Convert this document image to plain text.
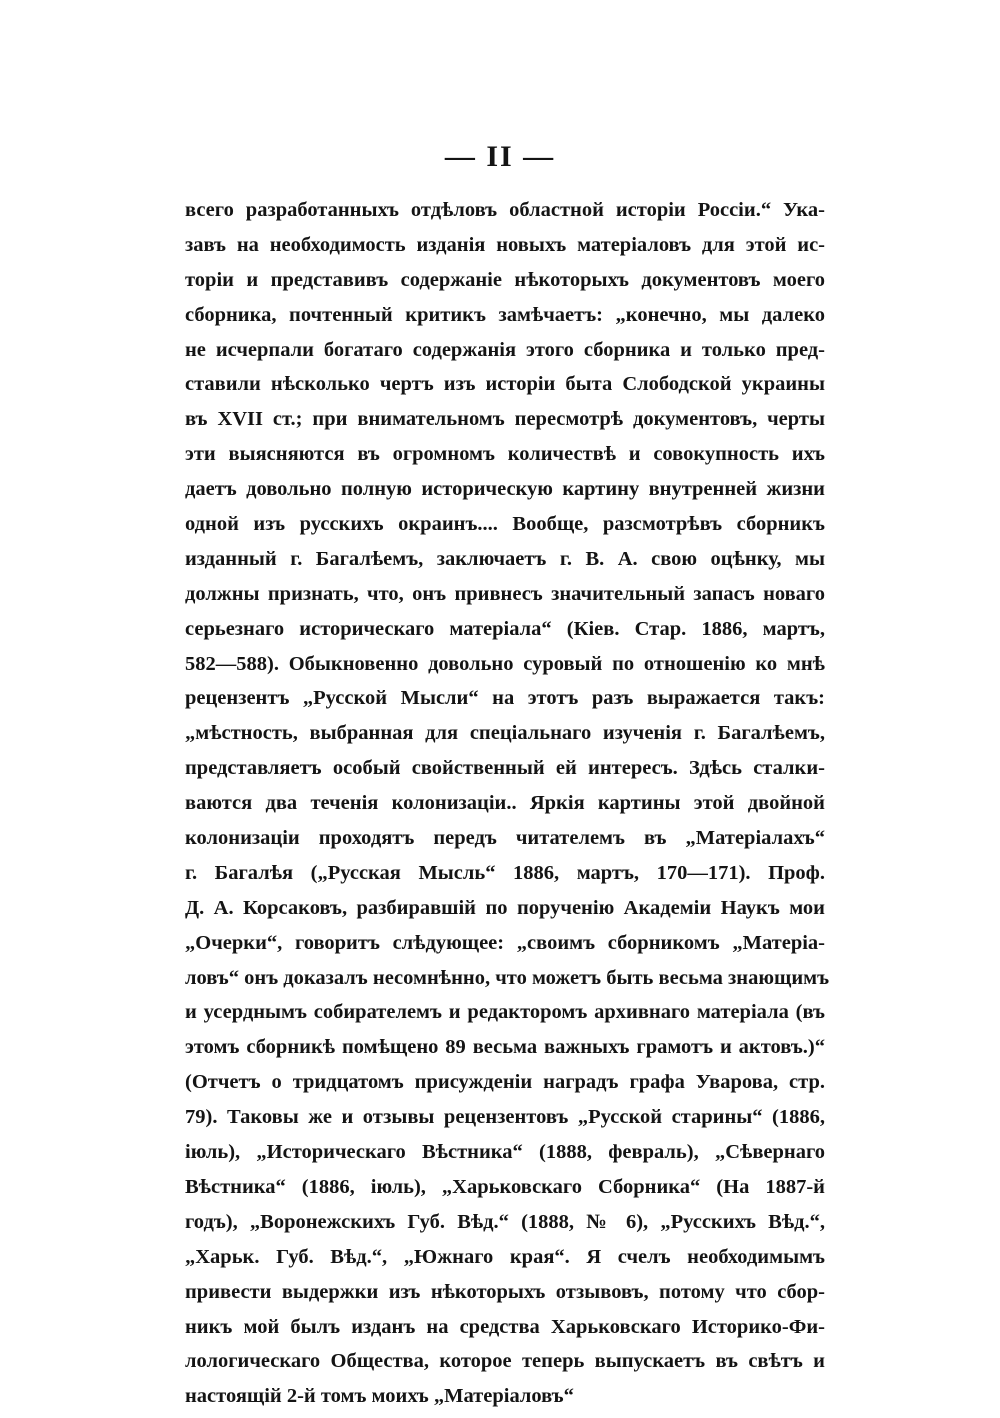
— II —
всего разработанныхъ отдѣловъ областной исторіи Россіи.“ Ука-
завъ на необходимость изданія новыхъ матеріаловъ для этой ис-
торіи и представивъ содержаніе нѣкоторыхъ документовъ моего
сборника, почтенный критикъ замѣчаетъ: „конечно, мы далеко
не исчерпали богатаго содержанія этого сборника и только пред-
ставили нѣсколько чертъ изъ исторіи быта Слободской украины
въ XVII ст.; при внимательномъ пересмотрѣ документовъ, черты
эти выясняются въ огромномъ количествѣ и совокупность ихъ
даетъ довольно полную историческую картину внутренней жизни
одной изъ русскихъ окраинъ.... Вообще, разсмотрѣвъ сборникъ
изданный г. Багалѣемъ, заключаетъ г. В. А. свою оцѣнку, мы
должны признать, что, онъ привнесъ значительный запасъ новаго
серьезнаго историческаго матеріала“ (Кіев. Стар. 1886, мартъ,
582—588). Обыкновенно довольно суровый по отношенію ко мнѣ
рецензентъ „Русской Мысли“ на этотъ разъ выражается такъ:
„мѣстность, выбранная для спеціальнаго изученія г. Багалѣемъ,
представляетъ особый свойственный ей интересъ. Здѣсь сталки-
ваются два теченія колонизаціи.. Яркія картины этой двойной
колонизаціи проходятъ передъ читателемъ въ „Матеріалахъ“
г. Багалѣя („Русская Мысль“ 1886, мартъ, 170—171). Проф.
Д. А. Корсаковъ, разбиравшій по порученію Академіи Наукъ мои
„Очерки“, говоритъ слѣдующее: „своимъ сборникомъ „Матеріа-
ловъ“ онъ доказалъ несомнѣнно, что можетъ быть весьма знающимъ
и усерднымъ собирателемъ и редакторомъ архивнаго матеріала (въ
этомъ сборникѣ помѣщено 89 весьма важныхъ грамотъ и актовъ.)“
(Отчетъ о тридцатомъ присужденіи наградъ графа Уварова, стр.
79). Таковы же и отзывы рецензентовъ „Русской старины“ (1886,
іюль), „Историческаго Вѣстника“ (1888, февраль), „Сѣвернаго
Вѣстника“ (1886, іюль), „Харьковскаго Сборника“ (На 1887-й
годъ), „Воронежскихъ Губ. Вѣд.“ (1888, № 6), „Русскихъ Вѣд.“,
„Харьк. Губ. Вѣд.“, „Южнаго края“. Я счелъ необходимымъ
привести выдержки изъ нѣкоторыхъ отзывовъ, потому что сбор-
никъ мой былъ изданъ на средства Харьковскаго Историко-Фи-
лологическаго Общества, которое теперь выпускаетъ въ свѣтъ и
настоящій 2-й томъ моихъ „Матеріаловъ“
